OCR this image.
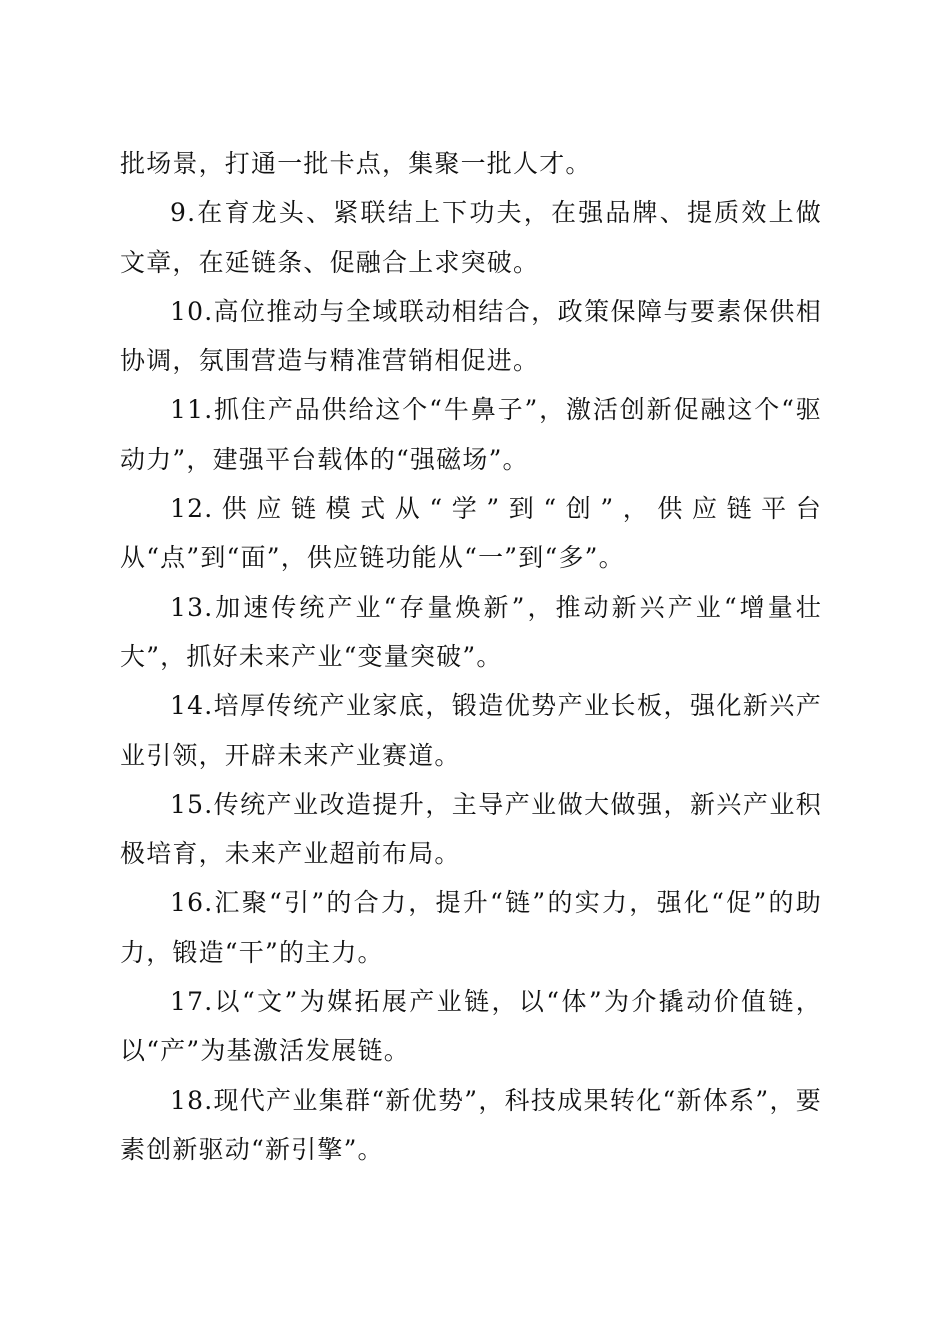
批场景，打通一批卡点，集聚一批人才。

9.在育龙头、紧联结上下功夫，在强品牌、提质效上做文章，在延链条、促融合上求突破。

10.高位推动与全域联动相结合，政策保障与要素保供相协调，氛围营造与精准营销相促进。

11.抓住产品供给这个“牛鼻子”，激活创新促融这个“驱动力”，建强平台载体的“强磁场”。

12.供应链模式从“学”到“创”，供应链平台从“点”到“面”，供应链功能从“一”到“多”。

13.加速传统产业“存量焕新”，推动新兴产业“增量壮大”，抓好未来产业“变量突破”。

14.培厚传统产业家底，锻造优势产业长板，强化新兴产业引领，开辟未来产业赛道。

15.传统产业改造提升，主导产业做大做强，新兴产业积极培育，未来产业超前布局。

16.汇聚“引”的合力，提升“链”的实力，强化“促”的助力，锻造“干”的主力。

17.以“文”为媒拓展产业链，以“体”为介撬动价值链，以“产”为基激活发展链。

18.现代产业集群“新优势”，科技成果转化“新体系”，要素创新驱动“新引擎”。
